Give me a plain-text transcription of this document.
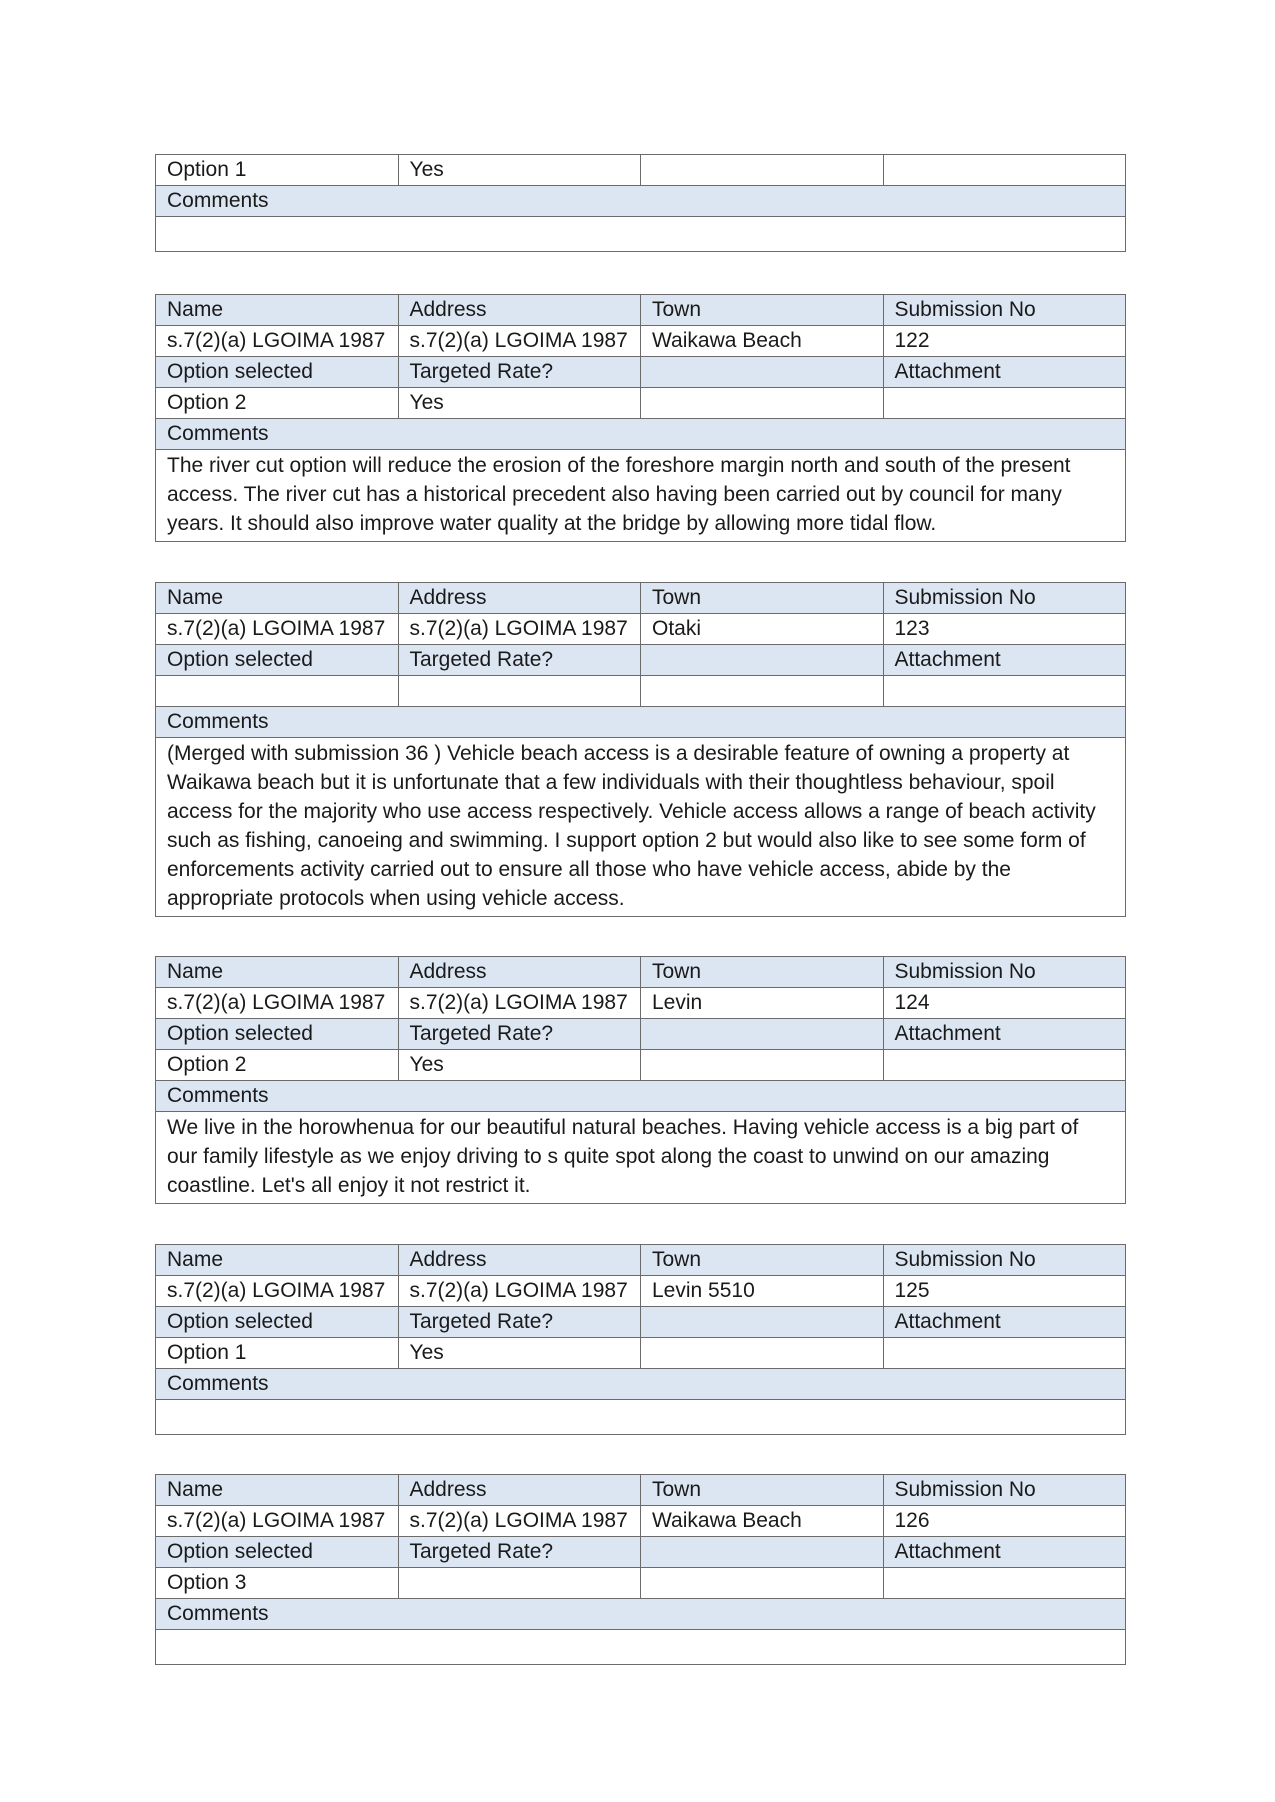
Option 1	Yes		
Comments

Name	Address	Town	Submission No
s.7(2)(a) LGOIMA 1987	s.7(2)(a) LGOIMA 1987	Waikawa Beach	122
Option selected	Targeted Rate?		Attachment
Option 2	Yes		
Comments			
The river cut option will reduce the erosion of the foreshore margin north and south of the present access. The river cut has a historical precedent also having been carried out by council for many years. It should also improve water quality at the bridge by allowing more tidal flow.			
Name	Address	Town	Submission No
s.7(2)(a) LGOIMA 1987	s.7(2)(a) LGOIMA 1987	Otaki	123
Option selected	Targeted Rate?		Attachment

Comments			
(Merged with submission 36 ) Vehicle beach access is a desirable feature of owning a property at Waikawa beach but it is unfortunate that a few individuals with their thoughtless behaviour, spoil access for the majority who use access respectively. Vehicle access allows a range of beach activity such as fishing, canoeing and swimming. I support option 2 but would also like to see some form of enforcements activity carried out to ensure all those who have vehicle access, abide by the appropriate protocols when using vehicle access.			
Name	Address	Town	Submission No
s.7(2)(a) LGOIMA 1987	s.7(2)(a) LGOIMA 1987	Levin	124
Option selected	Targeted Rate?		Attachment
Option 2	Yes		
Comments			
We live in the horowhenua for our beautiful natural beaches. Having vehicle access is a big part of our family lifestyle as we enjoy driving to s quite spot along the coast to unwind on our amazing coastline. Let's all enjoy it not restrict it.			
Name	Address	Town	Submission No
s.7(2)(a) LGOIMA 1987	s.7(2)(a) LGOIMA 1987	Levin 5510	125
Option selected	Targeted Rate?		Attachment
Option 1	Yes		
Comments			

Name	Address	Town	Submission No
s.7(2)(a) LGOIMA 1987	s.7(2)(a) LGOIMA 1987	Waikawa Beach	126
Option selected	Targeted Rate?		Attachment
Option 3			
Comments			
